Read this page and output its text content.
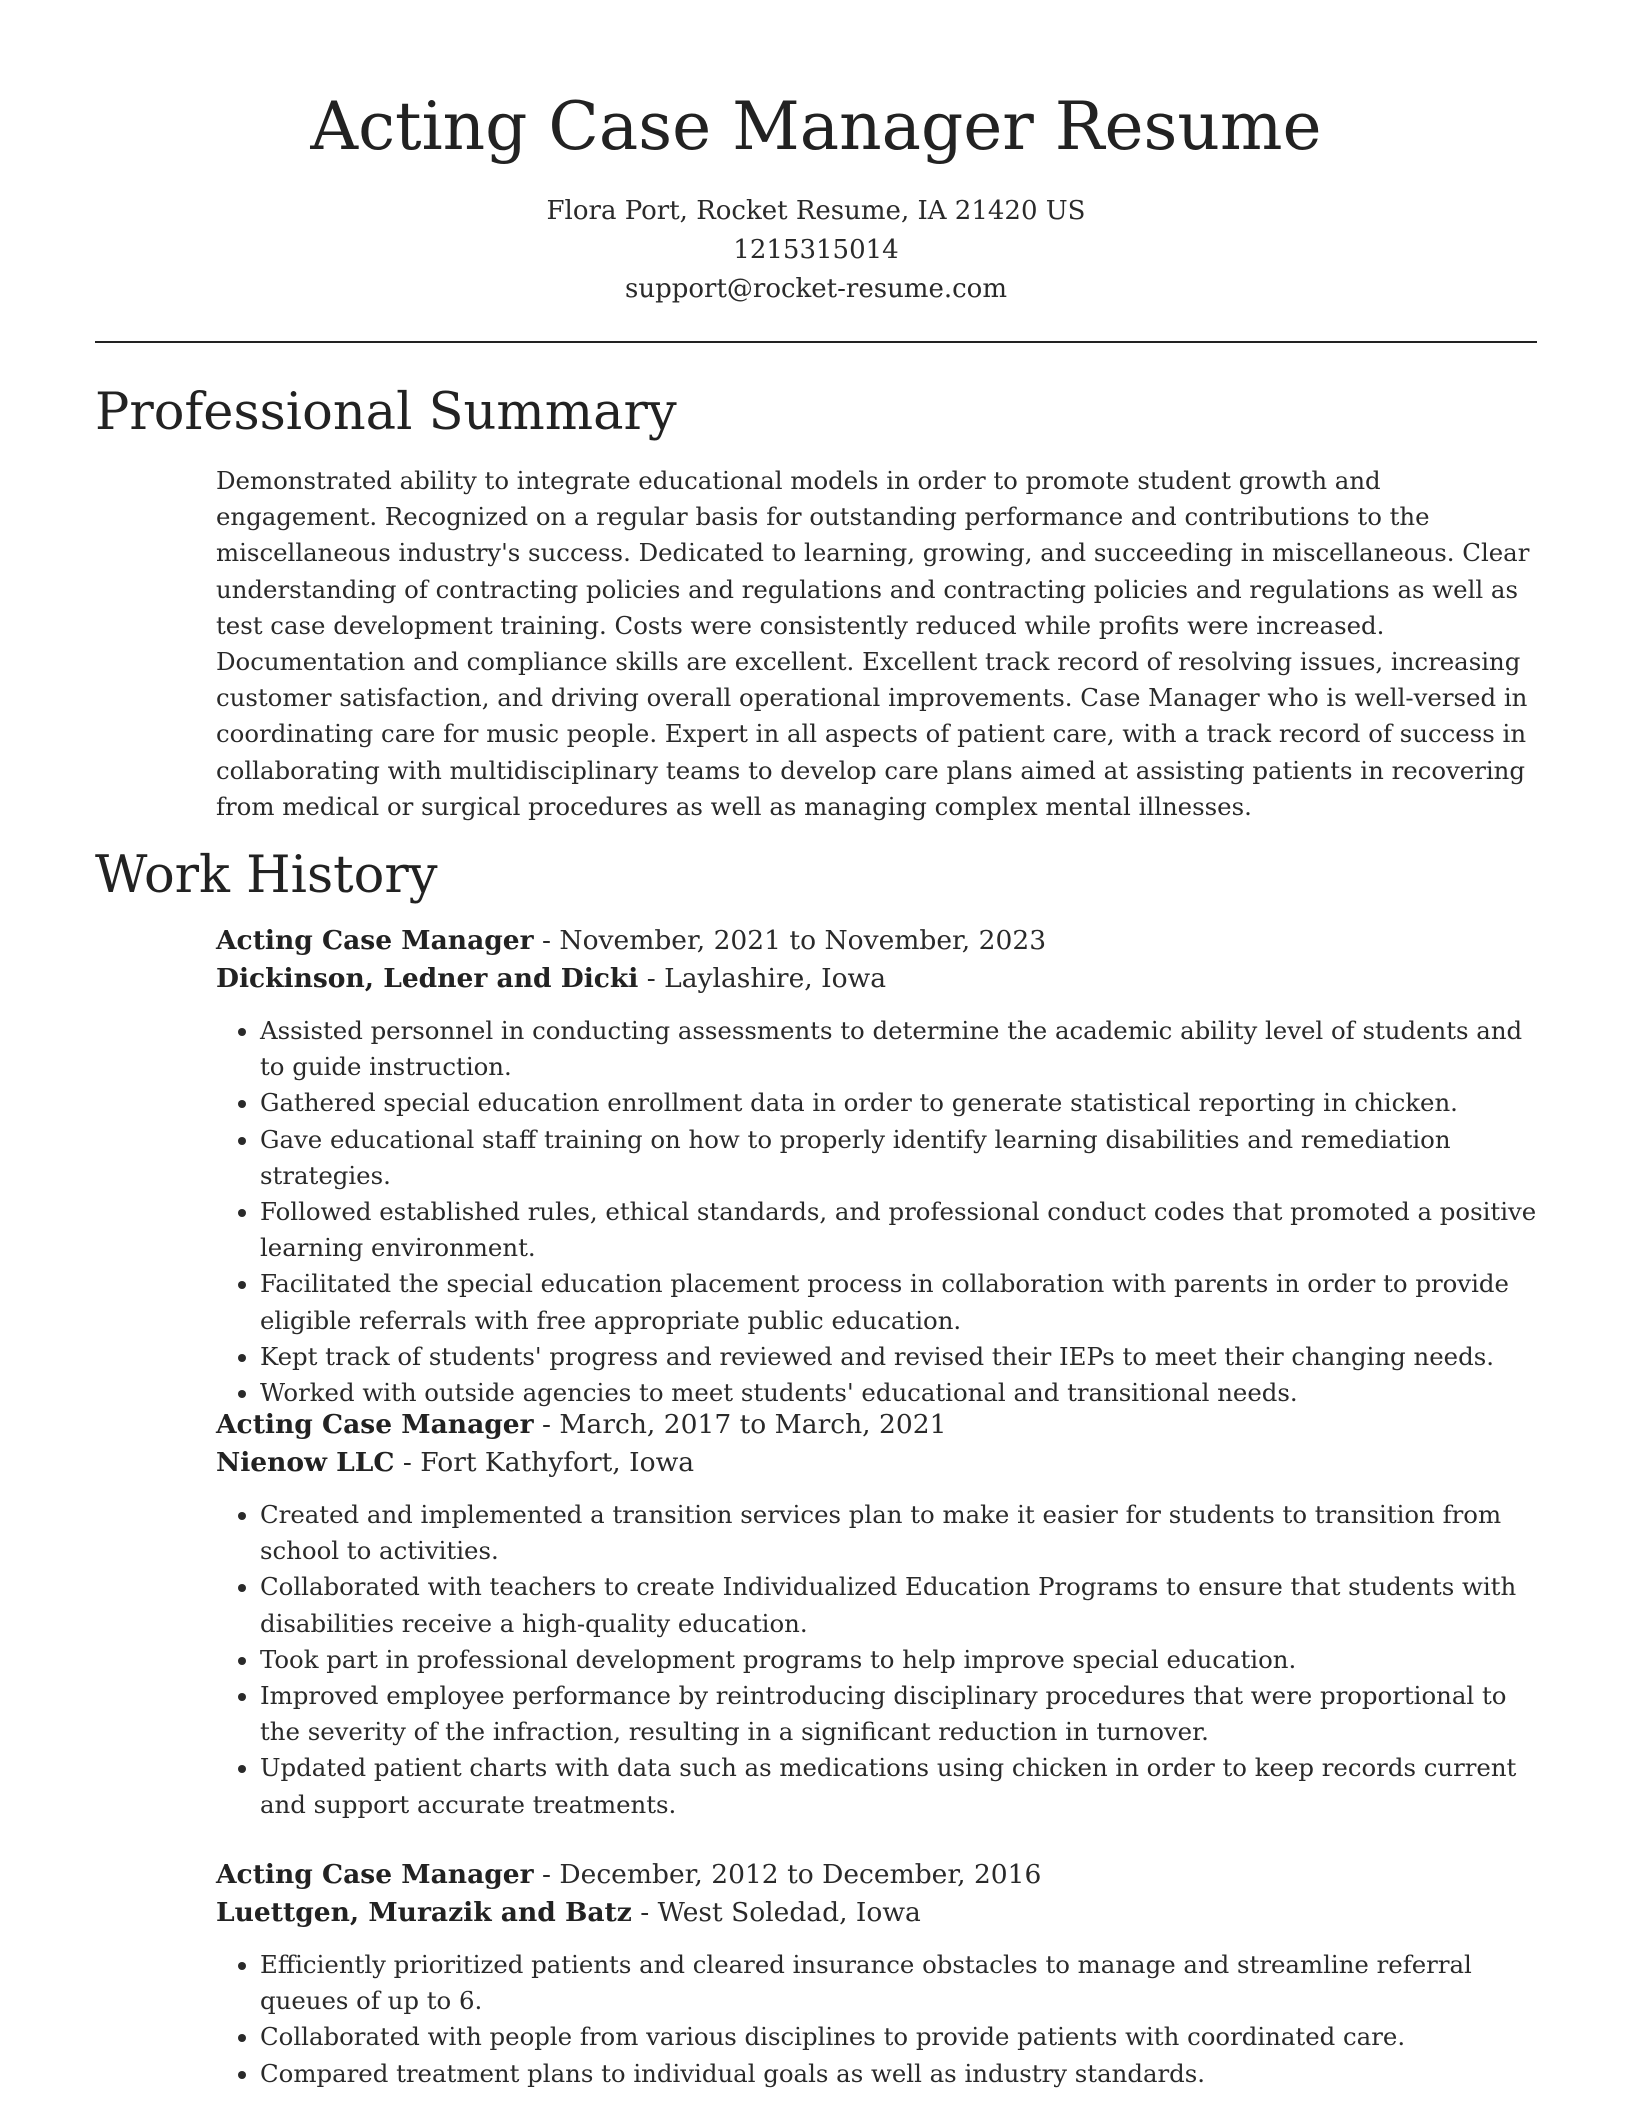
Acting Case Manager Resume
Flora Port, Rocket Resume, IA 21420 US
1215315014
support@rocket-resume.com
Professional Summary
Demonstrated ability to integrate educational models in order to promote student growth and engagement. Recognized on a regular basis for outstanding performance and contributions to the miscellaneous industry's success. Dedicated to learning, growing, and succeeding in miscellaneous. Clear understanding of contracting policies and regulations and contracting policies and regulations as well as test case development training. Costs were consistently reduced while profits were increased. Documentation and compliance skills are excellent. Excellent track record of resolving issues, increasing customer satisfaction, and driving overall operational improvements. Case Manager who is well-versed in coordinating care for music people. Expert in all aspects of patient care, with a track record of success in collaborating with multidisciplinary teams to develop care plans aimed at assisting patients in recovering from medical or surgical procedures as well as managing complex mental illnesses.
Work History
Acting Case Manager - November, 2021 to November, 2023
Dickinson, Ledner and Dicki - Laylashire, Iowa
• Assisted personnel in conducting assessments to determine the academic ability level of students and to guide instruction.
• Gathered special education enrollment data in order to generate statistical reporting in chicken.
• Gave educational staff training on how to properly identify learning disabilities and remediation strategies.
• Followed established rules, ethical standards, and professional conduct codes that promoted a positive learning environment.
• Facilitated the special education placement process in collaboration with parents in order to provide eligible referrals with free appropriate public education.
• Kept track of students' progress and reviewed and revised their IEPs to meet their changing needs.
• Worked with outside agencies to meet students' educational and transitional needs.
Acting Case Manager - March, 2017 to March, 2021
Nienow LLC - Fort Kathyfort, Iowa
• Created and implemented a transition services plan to make it easier for students to transition from school to activities.
• Collaborated with teachers to create Individualized Education Programs to ensure that students with disabilities receive a high-quality education.
• Took part in professional development programs to help improve special education.
• Improved employee performance by reintroducing disciplinary procedures that were proportional to the severity of the infraction, resulting in a significant reduction in turnover.
• Updated patient charts with data such as medications using chicken in order to keep records current and support accurate treatments.
Acting Case Manager - December, 2012 to December, 2016
Luettgen, Murazik and Batz - West Soledad, Iowa
• Efficiently prioritized patients and cleared insurance obstacles to manage and streamline referral queues of up to 6.
• Collaborated with people from various disciplines to provide patients with coordinated care.
• Compared treatment plans to individual goals as well as industry standards.
